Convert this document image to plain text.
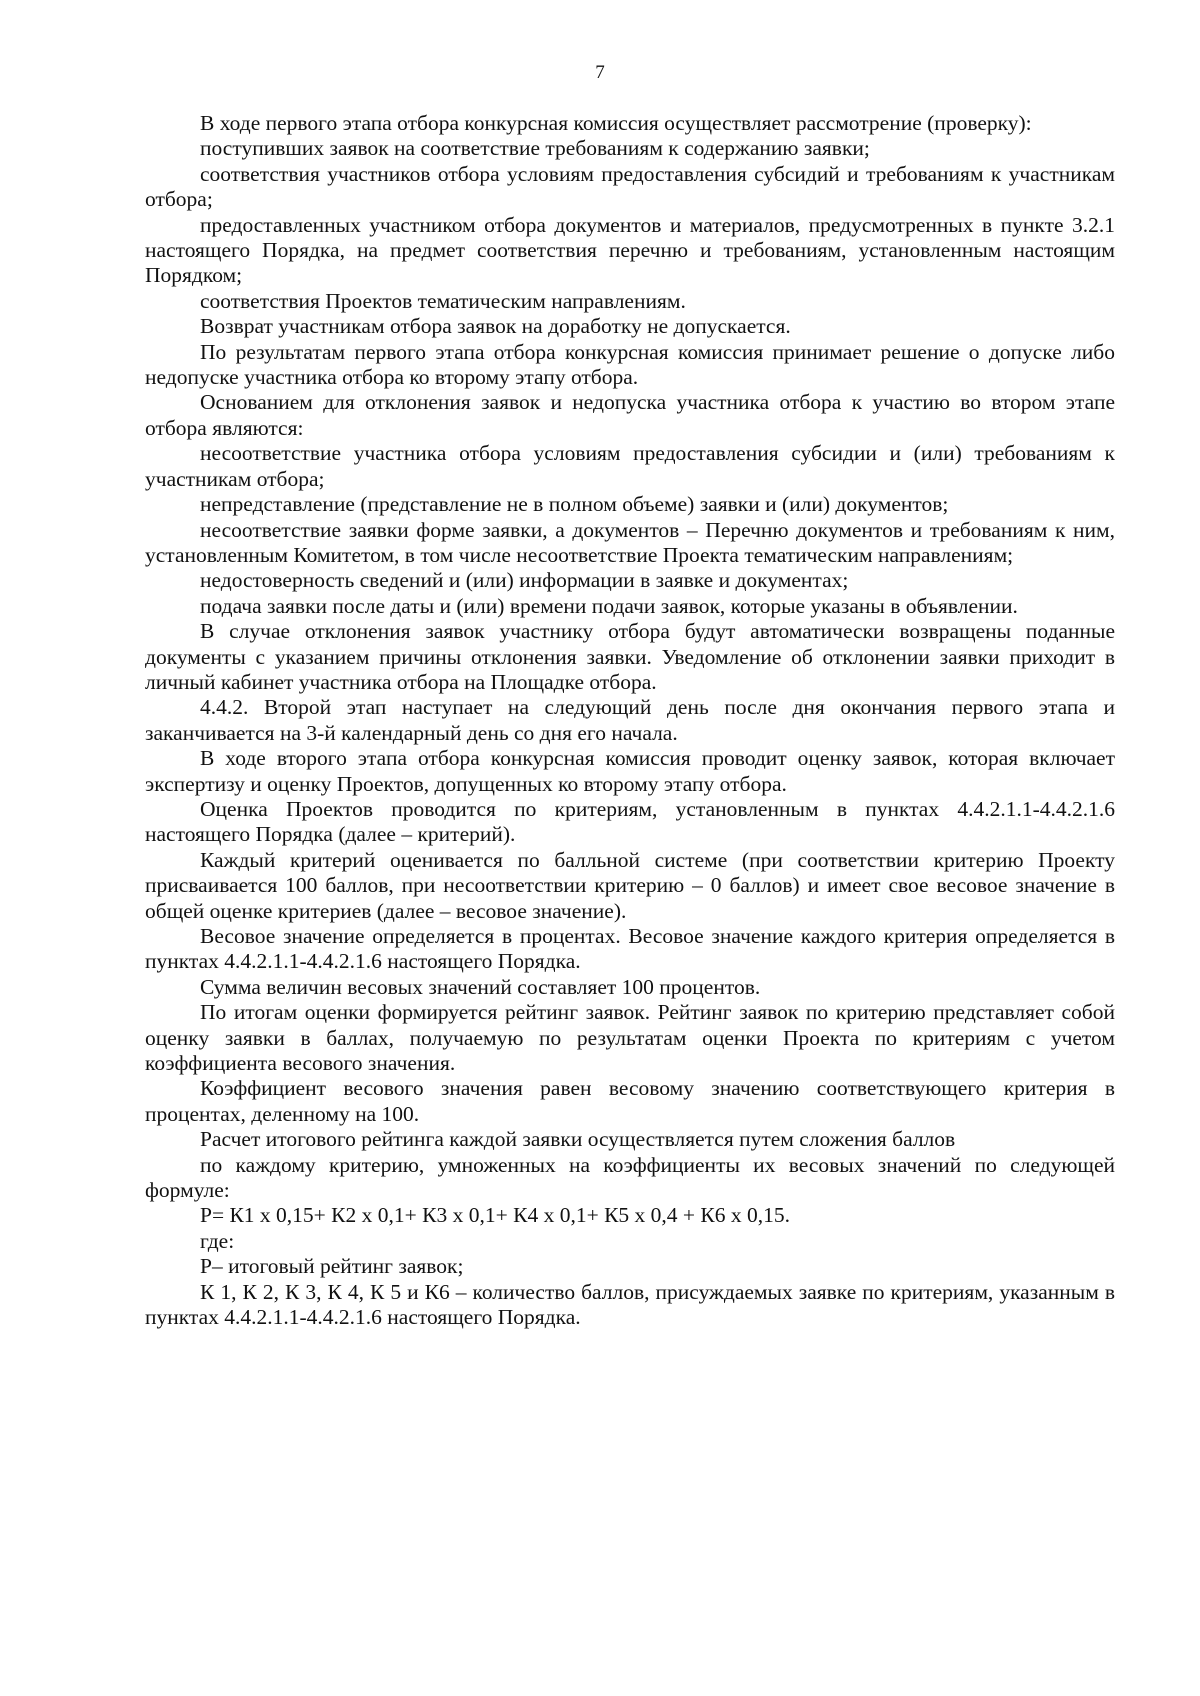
7

В ходе первого этапа отбора конкурсная комиссия осуществляет рассмотрение (проверку):

поступивших заявок на соответствие требованиям к содержанию заявки;

соответствия участников отбора условиям предоставления субсидий и требованиям к участникам отбора;

предоставленных участником отбора документов и материалов, предусмотренных в пункте 3.2.1 настоящего Порядка, на предмет соответствия перечню и требованиям, установленным настоящим Порядком;

соответствия Проектов тематическим направлениям.

Возврат участникам отбора заявок на доработку не допускается.

По результатам первого этапа отбора конкурсная комиссия принимает решение о допуске либо недопуске участника отбора ко второму этапу отбора.

Основанием для отклонения заявок и недопуска участника отбора к участию во втором этапе отбора являются:

несоответствие участника отбора условиям предоставления субсидии и (или) требованиям к участникам отбора;

непредставление (представление не в полном объеме) заявки и (или) документов;

несоответствие заявки форме заявки, а документов – Перечню документов и требованиям к ним, установленным Комитетом, в том числе несоответствие Проекта тематическим направлениям;

недостоверность сведений и (или) информации в заявке и документах;

подача заявки после даты и (или) времени подачи заявок, которые указаны в объявлении.

В случае отклонения заявок участнику отбора будут автоматически возвращены поданные документы с указанием причины отклонения заявки. Уведомление об отклонении заявки приходит в личный кабинет участника отбора на Площадке отбора.

4.4.2. Второй этап наступает на следующий день после дня окончания первого этапа и заканчивается на 3-й календарный день со дня его начала.

В ходе второго этапа отбора конкурсная комиссия проводит оценку заявок, которая включает экспертизу и оценку Проектов, допущенных ко второму этапу отбора.

Оценка Проектов проводится по критериям, установленным в пунктах 4.4.2.1.1-4.4.2.1.6 настоящего Порядка (далее – критерий).

Каждый критерий оценивается по балльной системе (при соответствии критерию Проекту присваивается 100 баллов, при несоответствии критерию – 0 баллов) и имеет свое весовое значение в общей оценке критериев (далее – весовое значение).

Весовое значение определяется в процентах. Весовое значение каждого критерия определяется в пунктах 4.4.2.1.1-4.4.2.1.6 настоящего Порядка.

Сумма величин весовых значений составляет 100 процентов.

По итогам оценки формируется рейтинг заявок. Рейтинг заявок по критерию представляет собой оценку заявки в баллах, получаемую по результатам оценки Проекта по критериям с учетом коэффициента весового значения.

Коэффициент весового значения равен весовому значению соответствующего критерия в процентах, деленному на 100.

Расчет итогового рейтинга каждой заявки осуществляется путем сложения баллов

по каждому критерию, умноженных на коэффициенты их весовых значений по следующей формуле:

Р= К1 х 0,15+ К2 х 0,1+ К3 х 0,1+ К4 х 0,1+ К5 х 0,4 + К6 х 0,15.

где:

Р– итоговый рейтинг заявок;

К 1, К 2, К 3, К 4, К 5 и К6 – количество баллов, присуждаемых заявке по критериям, указанным в пунктах 4.4.2.1.1-4.4.2.1.6 настоящего Порядка.
